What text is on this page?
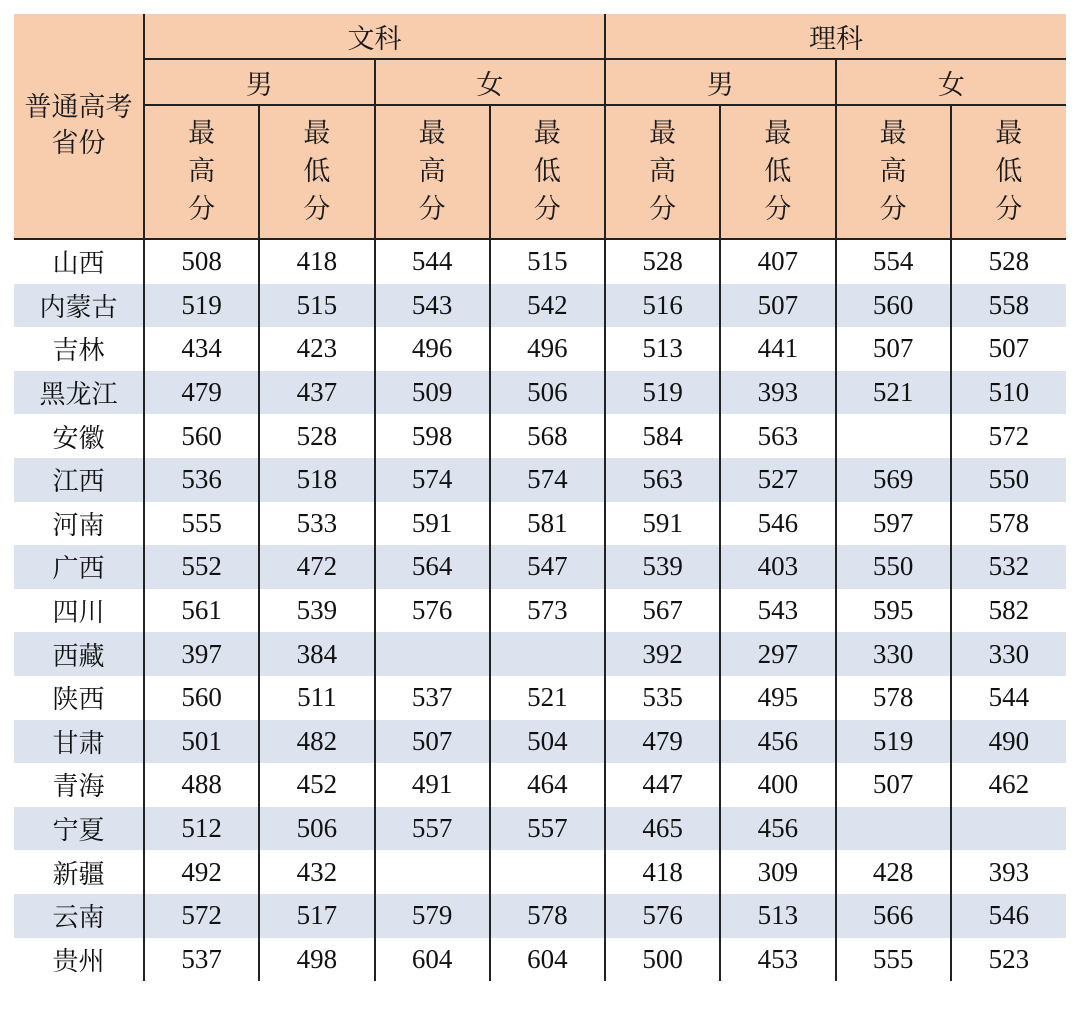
普通高考省份	文科				理科			
	男		女		男		女	

	最
高
分	最
低
分	最
高
分	最
低
分	最
高
分	最
低
分	最
高
分	最
低
分

山西	508	418	544	515	528	407	554	528
内蒙古	519	515	543	542	516	507	560	558
吉林	434	423	496	496	513	441	507	507
黑龙江	479	437	509	506	519	393	521	510
安徽	560	528	598	568	584	563		572
江西	536	518	574	574	563	527	569	550
河南	555	533	591	581	591	546	597	578
广西	552	472	564	547	539	403	550	532
四川	561	539	576	573	567	543	595	582
西藏	397	384			392	297	330	330
陕西	560	511	537	521	535	495	578	544
甘肃	501	482	507	504	479	456	519	490
青海	488	452	491	464	447	400	507	462
宁夏	512	506	557	557	465	456		
新疆	492	432			418	309	428	393
云南	572	517	579	578	576	513	566	546
贵州	537	498	604	604	500	453	555	523
